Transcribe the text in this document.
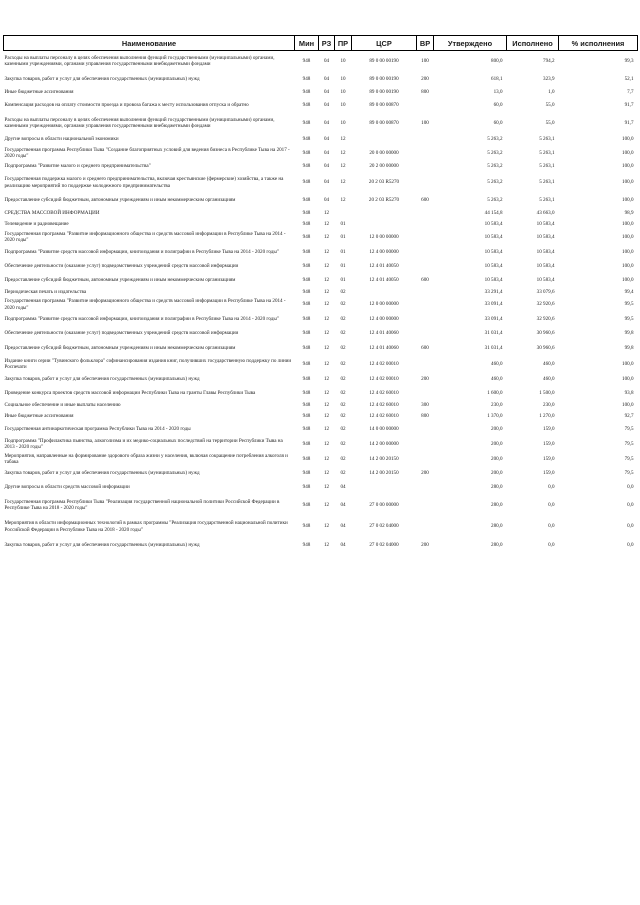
Наименование	Мин	РЗ	ПР	ЦСР	ВР	Утверждено	Исполнено	% исполнения
Расходы на выплаты персоналу в целях обеспечения выполнения функций государственными (муниципальными) органами, казенными учреждениями, органами управления государственными внебюджетными фондами	948	04	10	89 0 00 00190	100	800,0	794,2	99,3
Закупка товаров, работ и услуг для обеспечения государственных (муниципальных) нужд	948	04	10	89 0 00 00190	200	618,1	323,9	52,1
Иные бюджетные ассигнования	948	04	10	89 0 00 00190	800	13,0	1,0	7,7
Компенсация расходов на оплату стоимости проезда и провоза багажа к месту использования отпуска и обратно	948	04	10	89 0 00 00870		60,0	55,0	91,7
Расходы на выплаты персоналу в целях обеспечения выполнения функций государственными (муниципальными) органами, казенными учреждениями, органами управления государственными внебюджетными фондами	948	04	10	89 0 00 00870	100	60,0	55,0	91,7
Другие вопросы в области национальной экономики	948	04	12			5 263,2	5 263,1	100,0
Государственная программа Республики Тыва "Создание благоприятных условий для ведения бизнеса в Республике Тыва на 2017 - 2020 годы"	948	04	12	20 0 00 00000		5 263,2	5 263,1	100,0
Подпрограмма "Развитие малого и среднего предпринимательства"	948	04	12	20 2 00 00000		5 263,2	5 263,1	100,0
Государственная поддержка малого и среднего предпринимательства, включая крестьянские (фермерские) хозяйства, а также на реализацию мероприятий по поддержке молодежного предпринимательства	948	04	12	20 2 03 R5270		5 263,2	5 263,1	100,0
Предоставление субсидий бюджетным, автономным учреждениям и иным некоммерческим организациям	948	04	12	20 2 03 R5270	600	5 263,2	5 263,1	100,0
СРЕДСТВА МАССОВОЙ ИНФОРМАЦИИ	948	12				44 154,8	43 663,0	98,9
Телевидение и радиовещание	948	12	01			10 583,4	10 583,4	100,0
Государственная программа "Развитие информационного общества и средств массовой информации в Республике Тыва на 2014 - 2020 годы"	948	12	01	12 0 00 00000		10 583,4	10 583,4	100,0
Подпрограмма "Развитие средств массовой информации, книгоиздания и полиграфии в Республике Тыва на 2014 - 2020 годы"	948	12	01	12 4 00 00000		10 583,4	10 583,4	100,0
Обеспечение деятельности (оказание услуг) подведомственных учреждений средств массовой информации	948	12	01	12 4 01 40050		10 583,4	10 583,4	100,0
Предоставление субсидий бюджетным, автономным учреждениям и иным некоммерческим организациям	948	12	01	12 4 01 40050	600	10 583,4	10 583,4	100,0
Периодическая печать и издательства	948	12	02			33 291,4	33 079,6	99,4
Государственная программа "Развитие информационного общества и средств массовой информации в Республике Тыва на 2014 - 2020 годы"	948	12	02	12 0 00 00000		33 091,4	32 920,6	99,5
Подпрограмма "Развитие средств массовой информации, книгоиздания и полиграфии в Республике Тыва на 2014 - 2020 годы"	948	12	02	12 4 00 00000		33 091,4	32 920,6	99,5
Обеспечение деятельности (оказание услуг) подведомственных учреждений средств массовой информации	948	12	02	12 4 01 40060		31 031,4	30 960,6	99,8
Предоставление субсидий бюджетным, автономным учреждениям и иным некоммерческим организациям	948	12	02	12 4 01 40060	600	31 031,4	30 960,6	99,8
Издание книги серии "Тувинского фольклора" софинансирования издания книг, получивших государственную поддержку по линии Роспечати	948	12	02	12 4 02 00010		460,0	460,0	100,0
Закупка товаров, работ и услуг для обеспечения государственных (муниципальных) нужд	948	12	02	12 4 02 00010	200	460,0	460,0	100,0
Проведение конкурса проектов средств массовой информации Республики Тыва на гранты Главы Республики Тыва	948	12	02	12 4 02 60010		1 600,0	1 500,0	93,8
Социальное обеспечение и иные выплаты населению	948	12	02	12 4 02 60010	300	230,0	230,0	100,0
Иные бюджетные ассигнования	948	12	02	12 4 02 60010	800	1 370,0	1 270,0	92,7
Государственная антинаркотическая программа Республики Тыва на 2014 - 2020 годы	948	12	02	14 0 00 00000		200,0	159,0	79,5
Подпрограмма "Профилактика пьянства, алкоголизма и их медико-социальных последствий на территории Республики Тыва на 2013 - 2020 годы"	948	12	02	14 2 00 00000		200,0	159,0	79,5
Мероприятия, направленные на формирование здорового образа жизни у населения, включая сокращение потребления алкоголя и табака	948	12	02	14 2 00 20150		200,0	159,0	79,5
Закупка товаров, работ и услуг для обеспечения государственных (муниципальных) нужд	948	12	02	14 2 00 20150	200	200,0	159,0	79,5
Другие вопросы в области средств массовой информации	948	12	04			280,0	0,0	0,0
Государственная программа Республики Тыва "Реализация государственной национальной политики Российской Федерации в Республике Тыва на 2018 - 2020 годы"	948	12	04	27 0 00 00000		280,0	0,0	0,0
Мероприятия в области информационных технологий в рамках программы "Реализация государственной национальной политики Российской Федерации в Республике Тыва на 2018 - 2020 годы"	948	12	04	27 0 02 04000		280,0	0,0	0,0
Закупка товаров, работ и услуг для обеспечения государственных (муниципальных) нужд	948	12	04	27 0 02 04000	200	280,0	0,0	0,0
